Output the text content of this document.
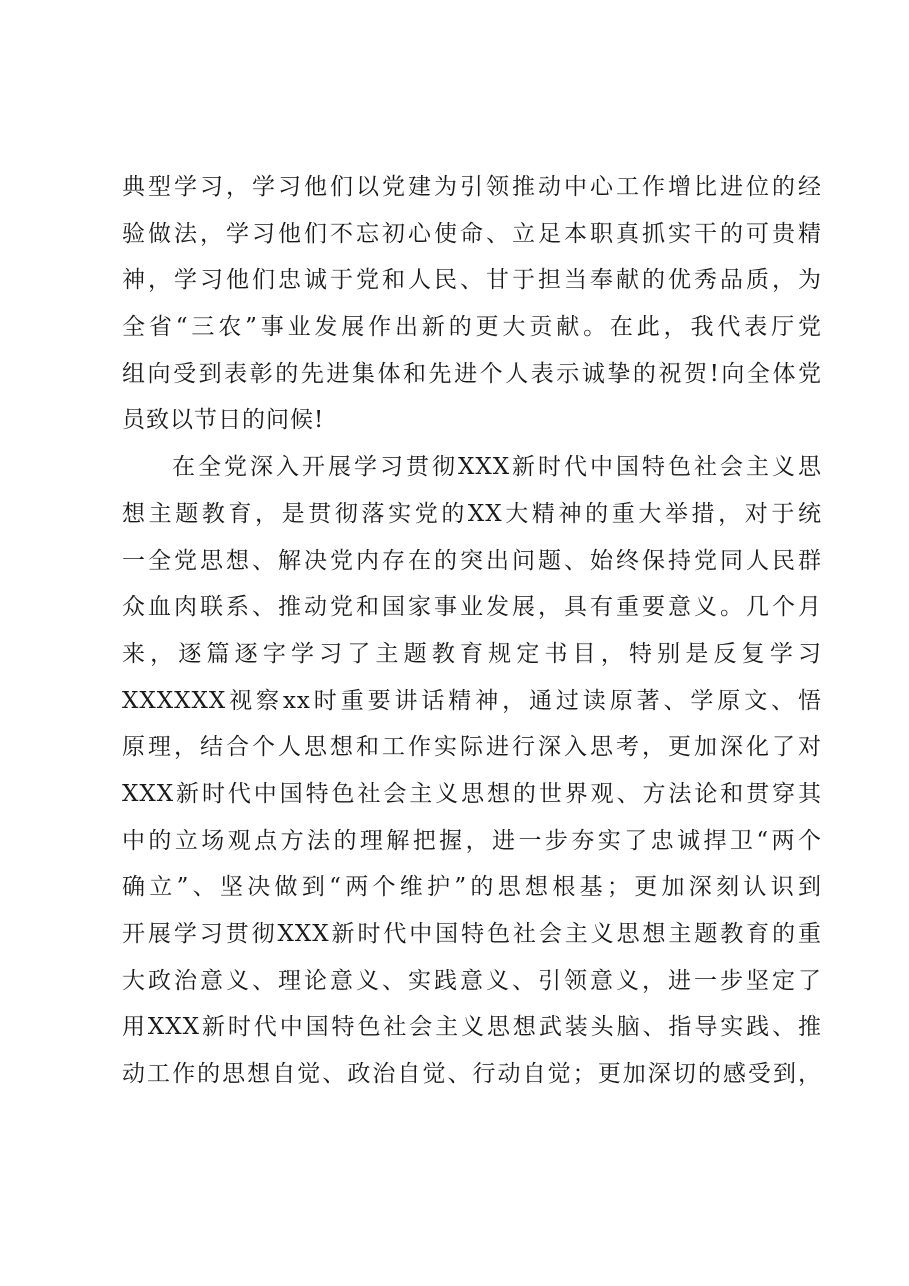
典型学习，学习他们以党建为引领推动中心工作增比进位的经
验做法，学习他们不忘初心使命、立足本职真抓实干的可贵精
神，学习他们忠诚于党和人民、甘于担当奉献的优秀品质，为
全省“三农”事业发展作出新的更大贡献。在此，我代表厅党
组向受到表彰的先进集体和先进个人表示诚挚的祝贺!向全体党
员致以节日的问候!
在全党深入开展学习贯彻XXX新时代中国特色社会主义思
想主题教育，是贯彻落实党的XX大精神的重大举措，对于统
一全党思想、解决党内存在的突出问题、始终保持党同人民群
众血肉联系、推动党和国家事业发展，具有重要意义。几个月
来，逐篇逐字学习了主题教育规定书目，特别是反复学习
XXXXXX视察xx时重要讲话精神，通过读原著、学原文、悟
原理，结合个人思想和工作实际进行深入思考，更加深化了对
XXX新时代中国特色社会主义思想的世界观、方法论和贯穿其
中的立场观点方法的理解把握，进一步夯实了忠诚捍卫“两个
确立”、坚决做到“两个维护”的思想根基；更加深刻认识到
开展学习贯彻XXX新时代中国特色社会主义思想主题教育的重
大政治意义、理论意义、实践意义、引领意义，进一步坚定了
用XXX新时代中国特色社会主义思想武装头脑、指导实践、推
动工作的思想自觉、政治自觉、行动自觉；更加深切的感受到，
